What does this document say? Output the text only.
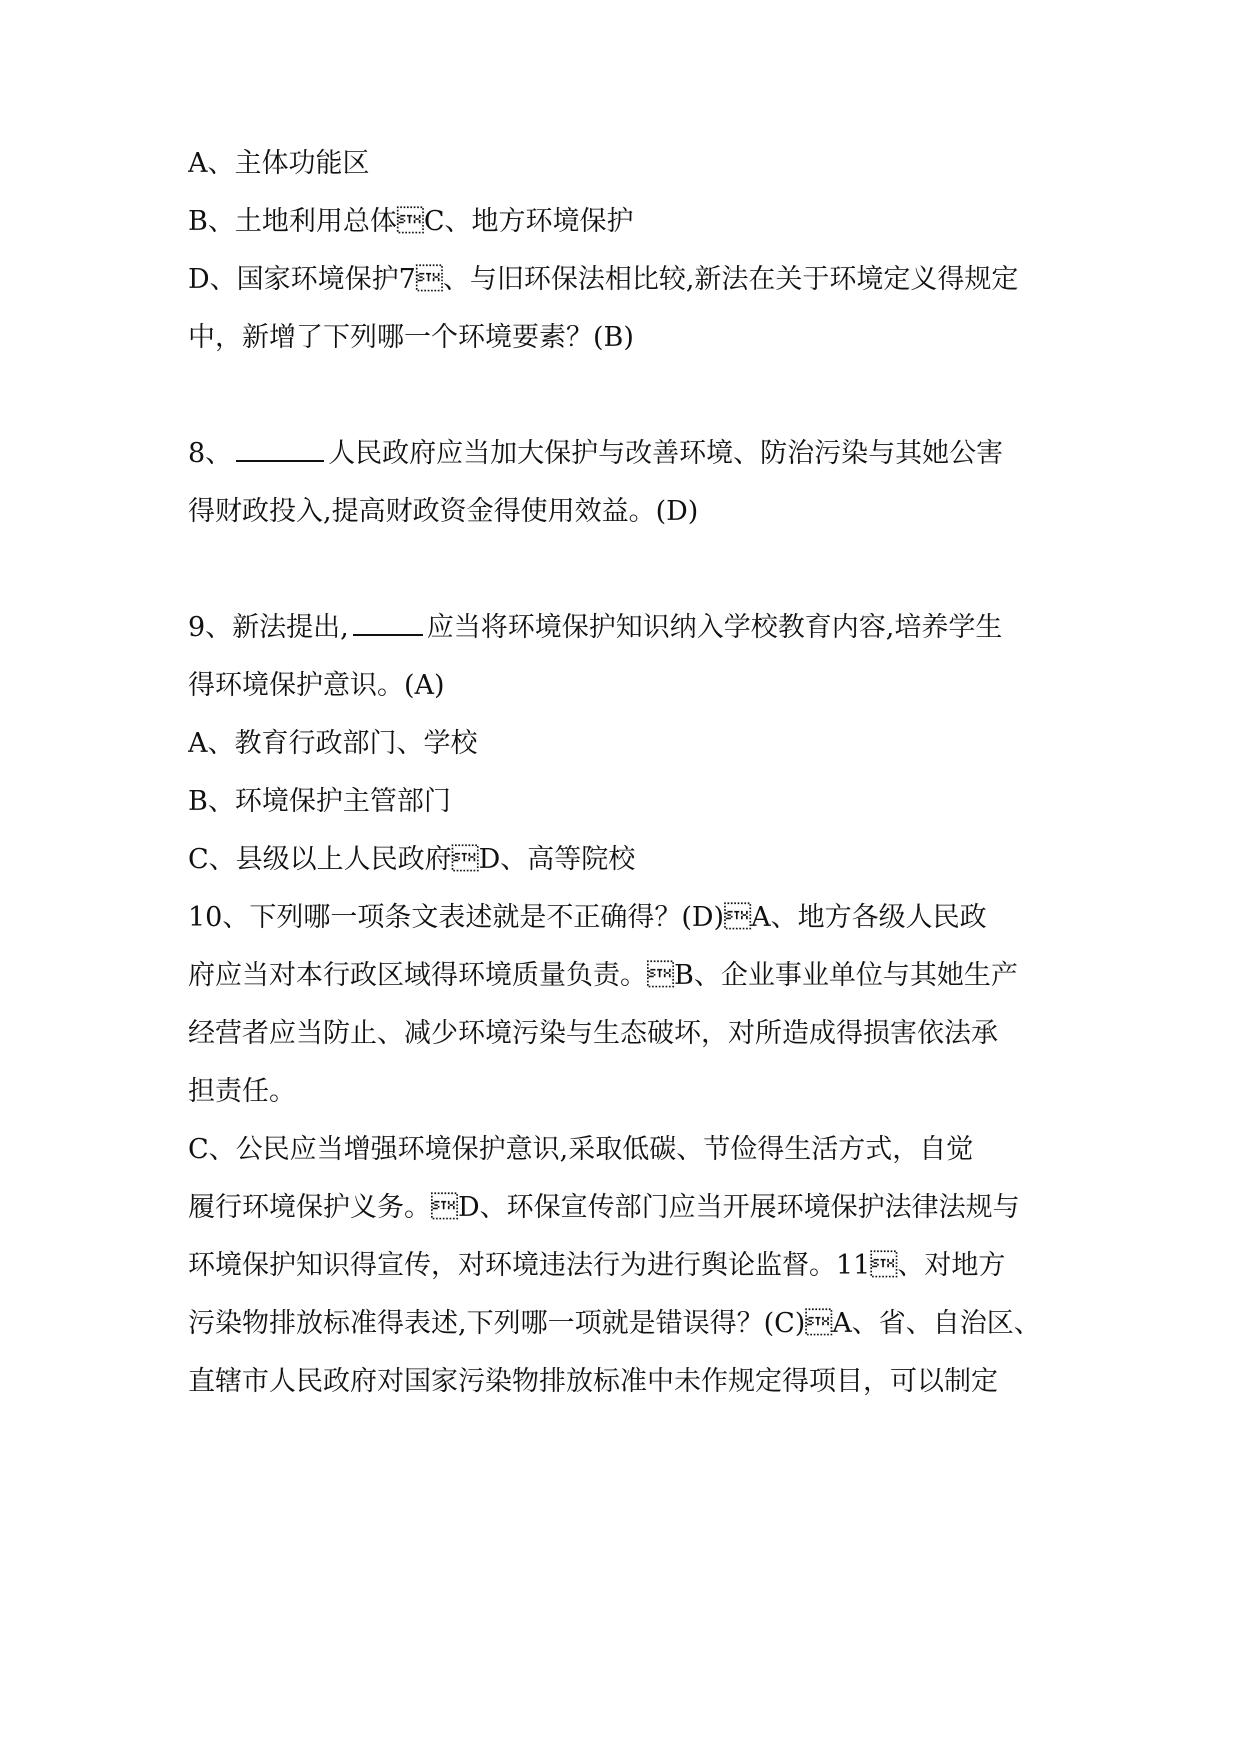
A、主体功能区
B、土地利用总体C、地方环境保护
D、国家环境保护7、与旧环保法相比较,新法在关于环境定义得规定
中，新增了下列哪一个环境要素？(B)
8、	人民政府应当加大保护与改善环境、防治污染与其她公害
得财政投入,提高财政资金得使用效益。(D)
9、新法提出,	应当将环境保护知识纳入学校教育内容,培养学生
得环境保护意识。(A)
A、教育行政部门、学校
B、环境保护主管部门
C、县级以上人民政府D、高等院校
10、下列哪一项条文表述就是不正确得？(D)A、地方各级人民政
府应当对本行政区域得环境质量负责。B、企业事业单位与其她生产
经营者应当防止、减少环境污染与生态破坏，对所造成得损害依法承
担责任。
C、公民应当增强环境保护意识,采取低碳、节俭得生活方式，自觉
履行环境保护义务。D、环保宣传部门应当开展环境保护法律法规与
环境保护知识得宣传，对环境违法行为进行舆论监督。11、对地方
污染物排放标准得表述,下列哪一项就是错误得？(C)A、省、自治区、
直辖市人民政府对国家污染物排放标准中未作规定得项目，可以制定
